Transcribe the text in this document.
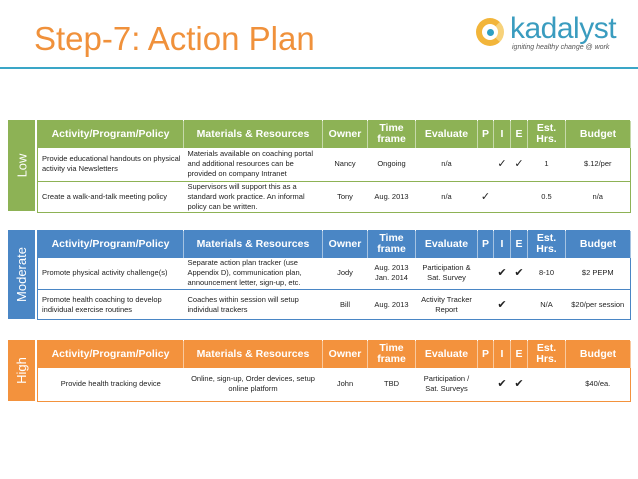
Step-7: Action Plan	kadalyst
igniting healthy change @ work
Low
Activity/Program/Policy	Materials & Resources	Owner	Time frame	Evaluate	P	I	E	Est. Hrs.	Budget
Provide educational handouts on physical activity via Newsletters	Materials available on coaching portal and additional resources can be provided on company Intranet	Nancy	Ongoing	n/a		✓	✓	1	$.12/per
Create a walk-and-talk meeting policy	Supervisors will support this as a standard work practice. An informal policy can be written.	Tony	Aug. 2013	n/a	✓			0.5	n/a
Moderate
Activity/Program/Policy	Materials & Resources	Owner	Time frame	Evaluate	P	I	E	Est. Hrs.	Budget
Promote physical activity challenge(s)	Separate action plan tracker (use Appendix D), communication plan, announcement letter, sign-up, etc.	Jody	Aug. 2013 Jan. 2014	Participation & Sat. Survey		✔	✔	8-10	$2 PEPM
Promote health coaching to develop individual exercise routines	Coaches within session will setup individual trackers	Bill	Aug. 2013	Activity Tracker Report		✔		N/A	$20/per session
High
Activity/Program/Policy	Materials & Resources	Owner	Time frame	Evaluate	P	I	E	Est. Hrs.	Budget
Provide health tracking device	Online, sign-up, Order devices, setup online platform	John	TBD	Participation / Sat. Surveys		✔	✔		$40/ea.
